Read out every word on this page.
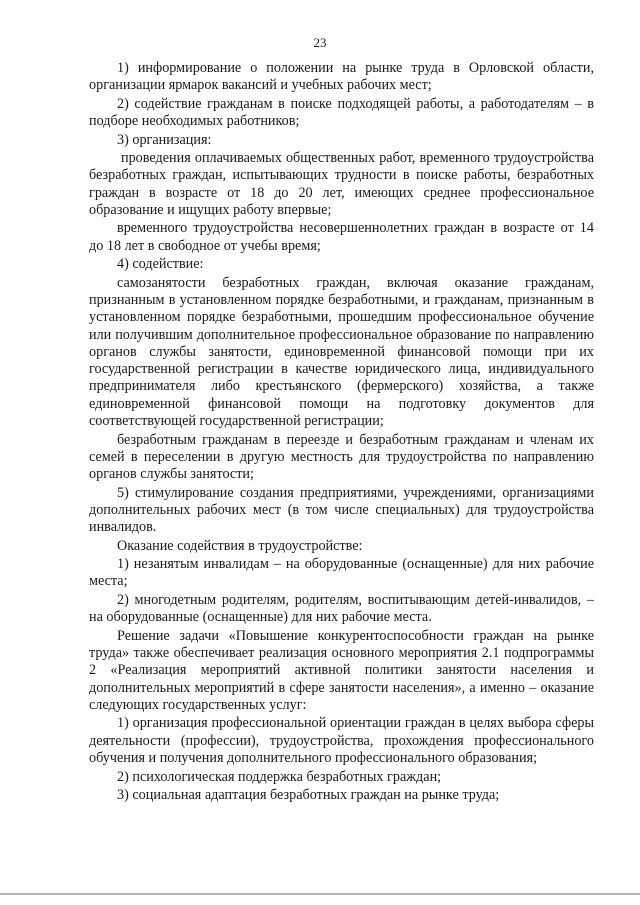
23

1) информирование о положении на рынке труда в Орловской области, организации ярмарок вакансий и учебных рабочих мест;

2) содействие гражданам в поиске подходящей работы, а работодателям – в подборе необходимых работников;

3) организация:

проведения оплачиваемых общественных работ, временного трудоустройства безработных граждан, испытывающих трудности в поиске работы, безработных граждан в возрасте от 18 до 20 лет, имеющих среднее профессиональное образование и ищущих работу впервые;

временного трудоустройства несовершеннолетних граждан в возрасте от 14 до 18 лет в свободное от учебы время;

4) содействие:

самозанятости безработных граждан, включая оказание гражданам, признанным в установленном порядке безработными, и гражданам, признанным в установленном порядке безработными, прошедшим профессиональное обучение или получившим дополнительное профессиональное образование по направлению органов службы занятости, единовременной финансовой помощи при их государственной регистрации в качестве юридического лица, индивидуального предпринимателя либо крестьянского (фермерского) хозяйства, а также единовременной финансовой помощи на подготовку документов для соответствующей государственной регистрации;

безработным гражданам в переезде и безработным гражданам и членам их семей в переселении в другую местность для трудоустройства по направлению органов службы занятости;

5) стимулирование создания предприятиями, учреждениями, организациями дополнительных рабочих мест (в том числе специальных) для трудоустройства инвалидов.

Оказание содействия в трудоустройстве:

1) незанятым инвалидам – на оборудованные (оснащенные) для них рабочие места;

2) многодетным родителям, родителям, воспитывающим детей-инвалидов, – на оборудованные (оснащенные) для них рабочие места.

Решение задачи «Повышение конкурентоспособности граждан на рынке труда» также обеспечивает реализация основного мероприятия 2.1 подпрограммы 2 «Реализация мероприятий активной политики занятости населения и дополнительных мероприятий в сфере занятости населения», а именно – оказание следующих государственных услуг:

1) организация профессиональной ориентации граждан в целях выбора сферы деятельности (профессии), трудоустройства, прохождения профессионального обучения и получения дополнительного профессионального образования;

2) психологическая поддержка безработных граждан;

3) социальная адаптация безработных граждан на рынке труда;
